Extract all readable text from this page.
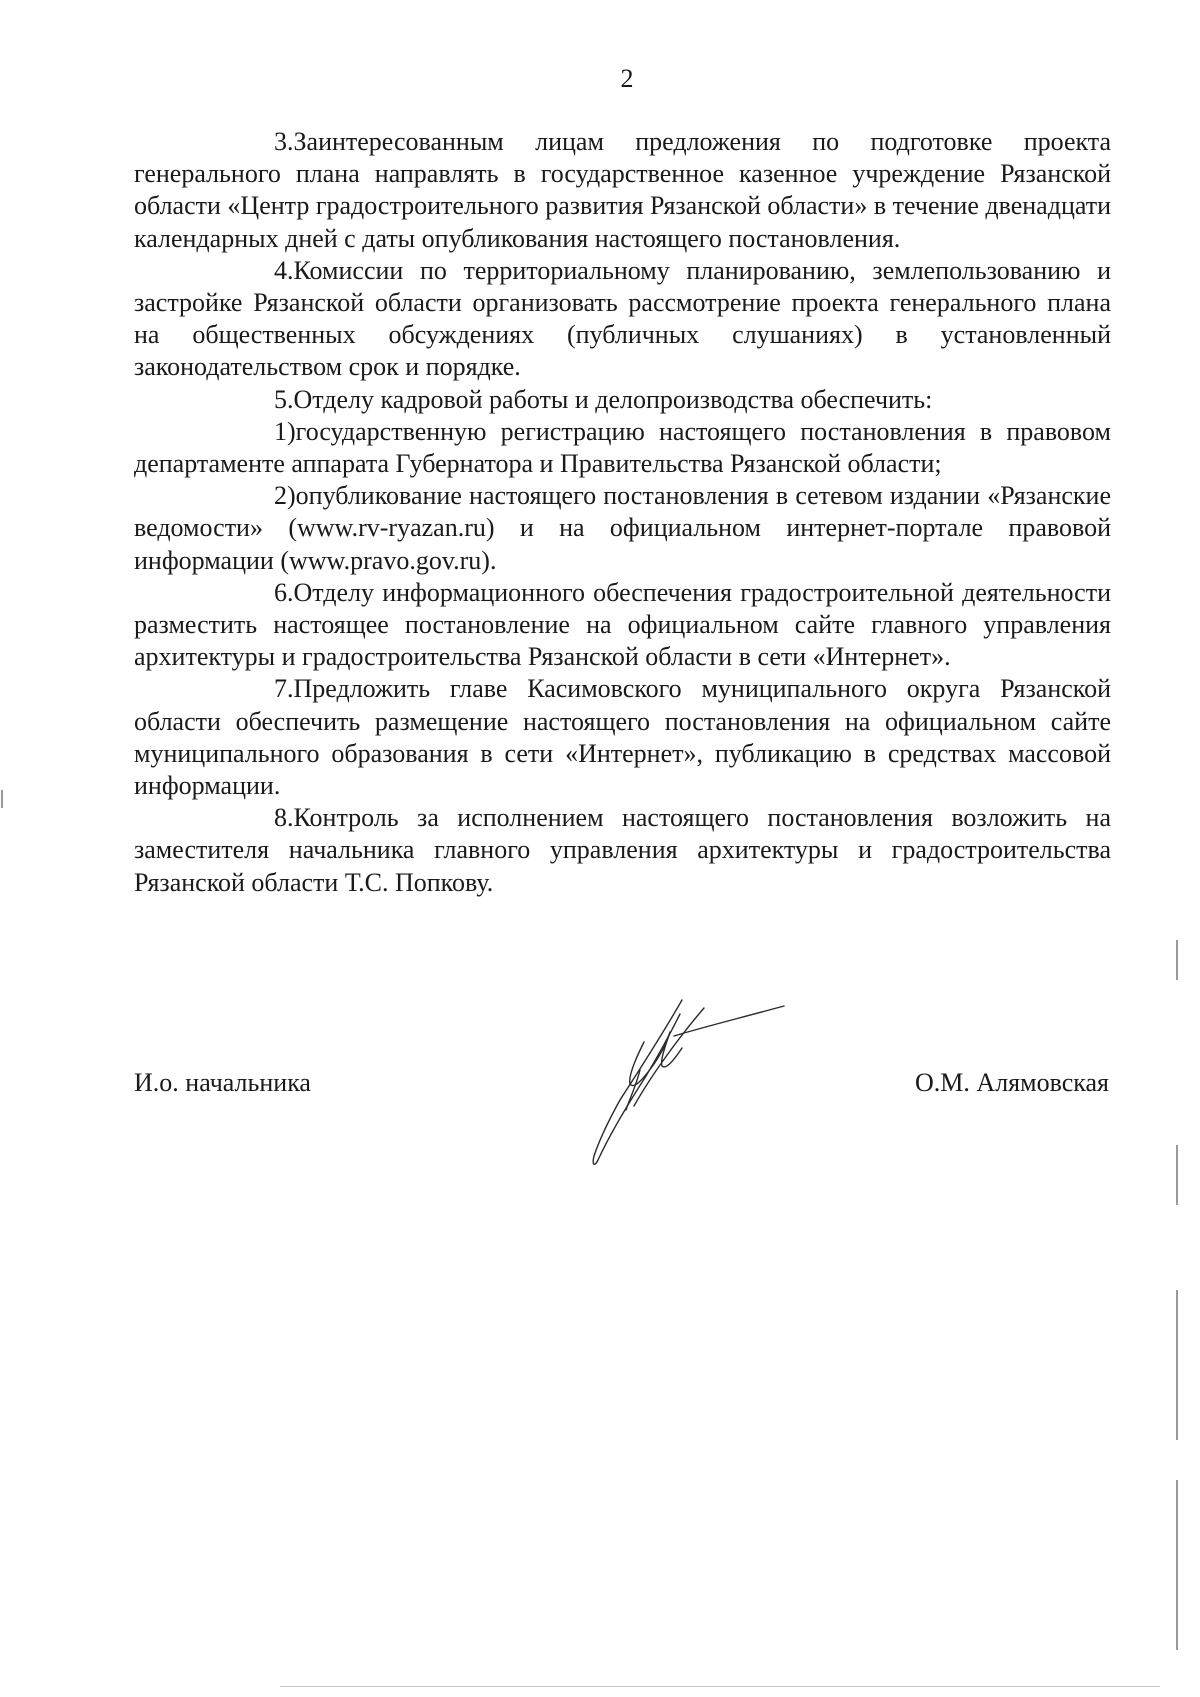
2

3.Заинтересованным лицам предложения по подготовке проекта генерального плана направлять в государственное казенное учреждение Рязанской области «Центр градостроительного развития Рязанской области» в течение двенадцати календарных дней с даты опубликования настоящего постановления.

4.Комиссии по территориальному планированию, землепользованию и застройке Рязанской области организовать рассмотрение проекта генерального плана на общественных обсуждениях (публичных слушаниях) в установленный законодательством срок и порядке.

5.Отделу кадровой работы и делопроизводства обеспечить:

1)государственную регистрацию настоящего постановления в правовом департаменте аппарата Губернатора и Правительства Рязанской области;

2)опубликование настоящего постановления в сетевом издании «Рязанские ведомости» (www.rv-ryazan.ru) и на официальном интернет-портале правовой информации (www.pravo.gov.ru).

6.Отделу информационного обеспечения градостроительной деятельности разместить настоящее постановление на официальном сайте главного управления архитектуры и градостроительства Рязанской области в сети «Интернет».

7.Предложить главе Касимовского муниципального округа Рязанской области обеспечить размещение настоящего постановления на официальном сайте муниципального образования в сети «Интернет», публикацию в средствах массовой информации.

8.Контроль за исполнением настоящего постановления возложить на заместителя начальника главного управления архитектуры и градостроительства Рязанской области Т.С. Попкову.

И.о. начальника	О.М. Алямовская
